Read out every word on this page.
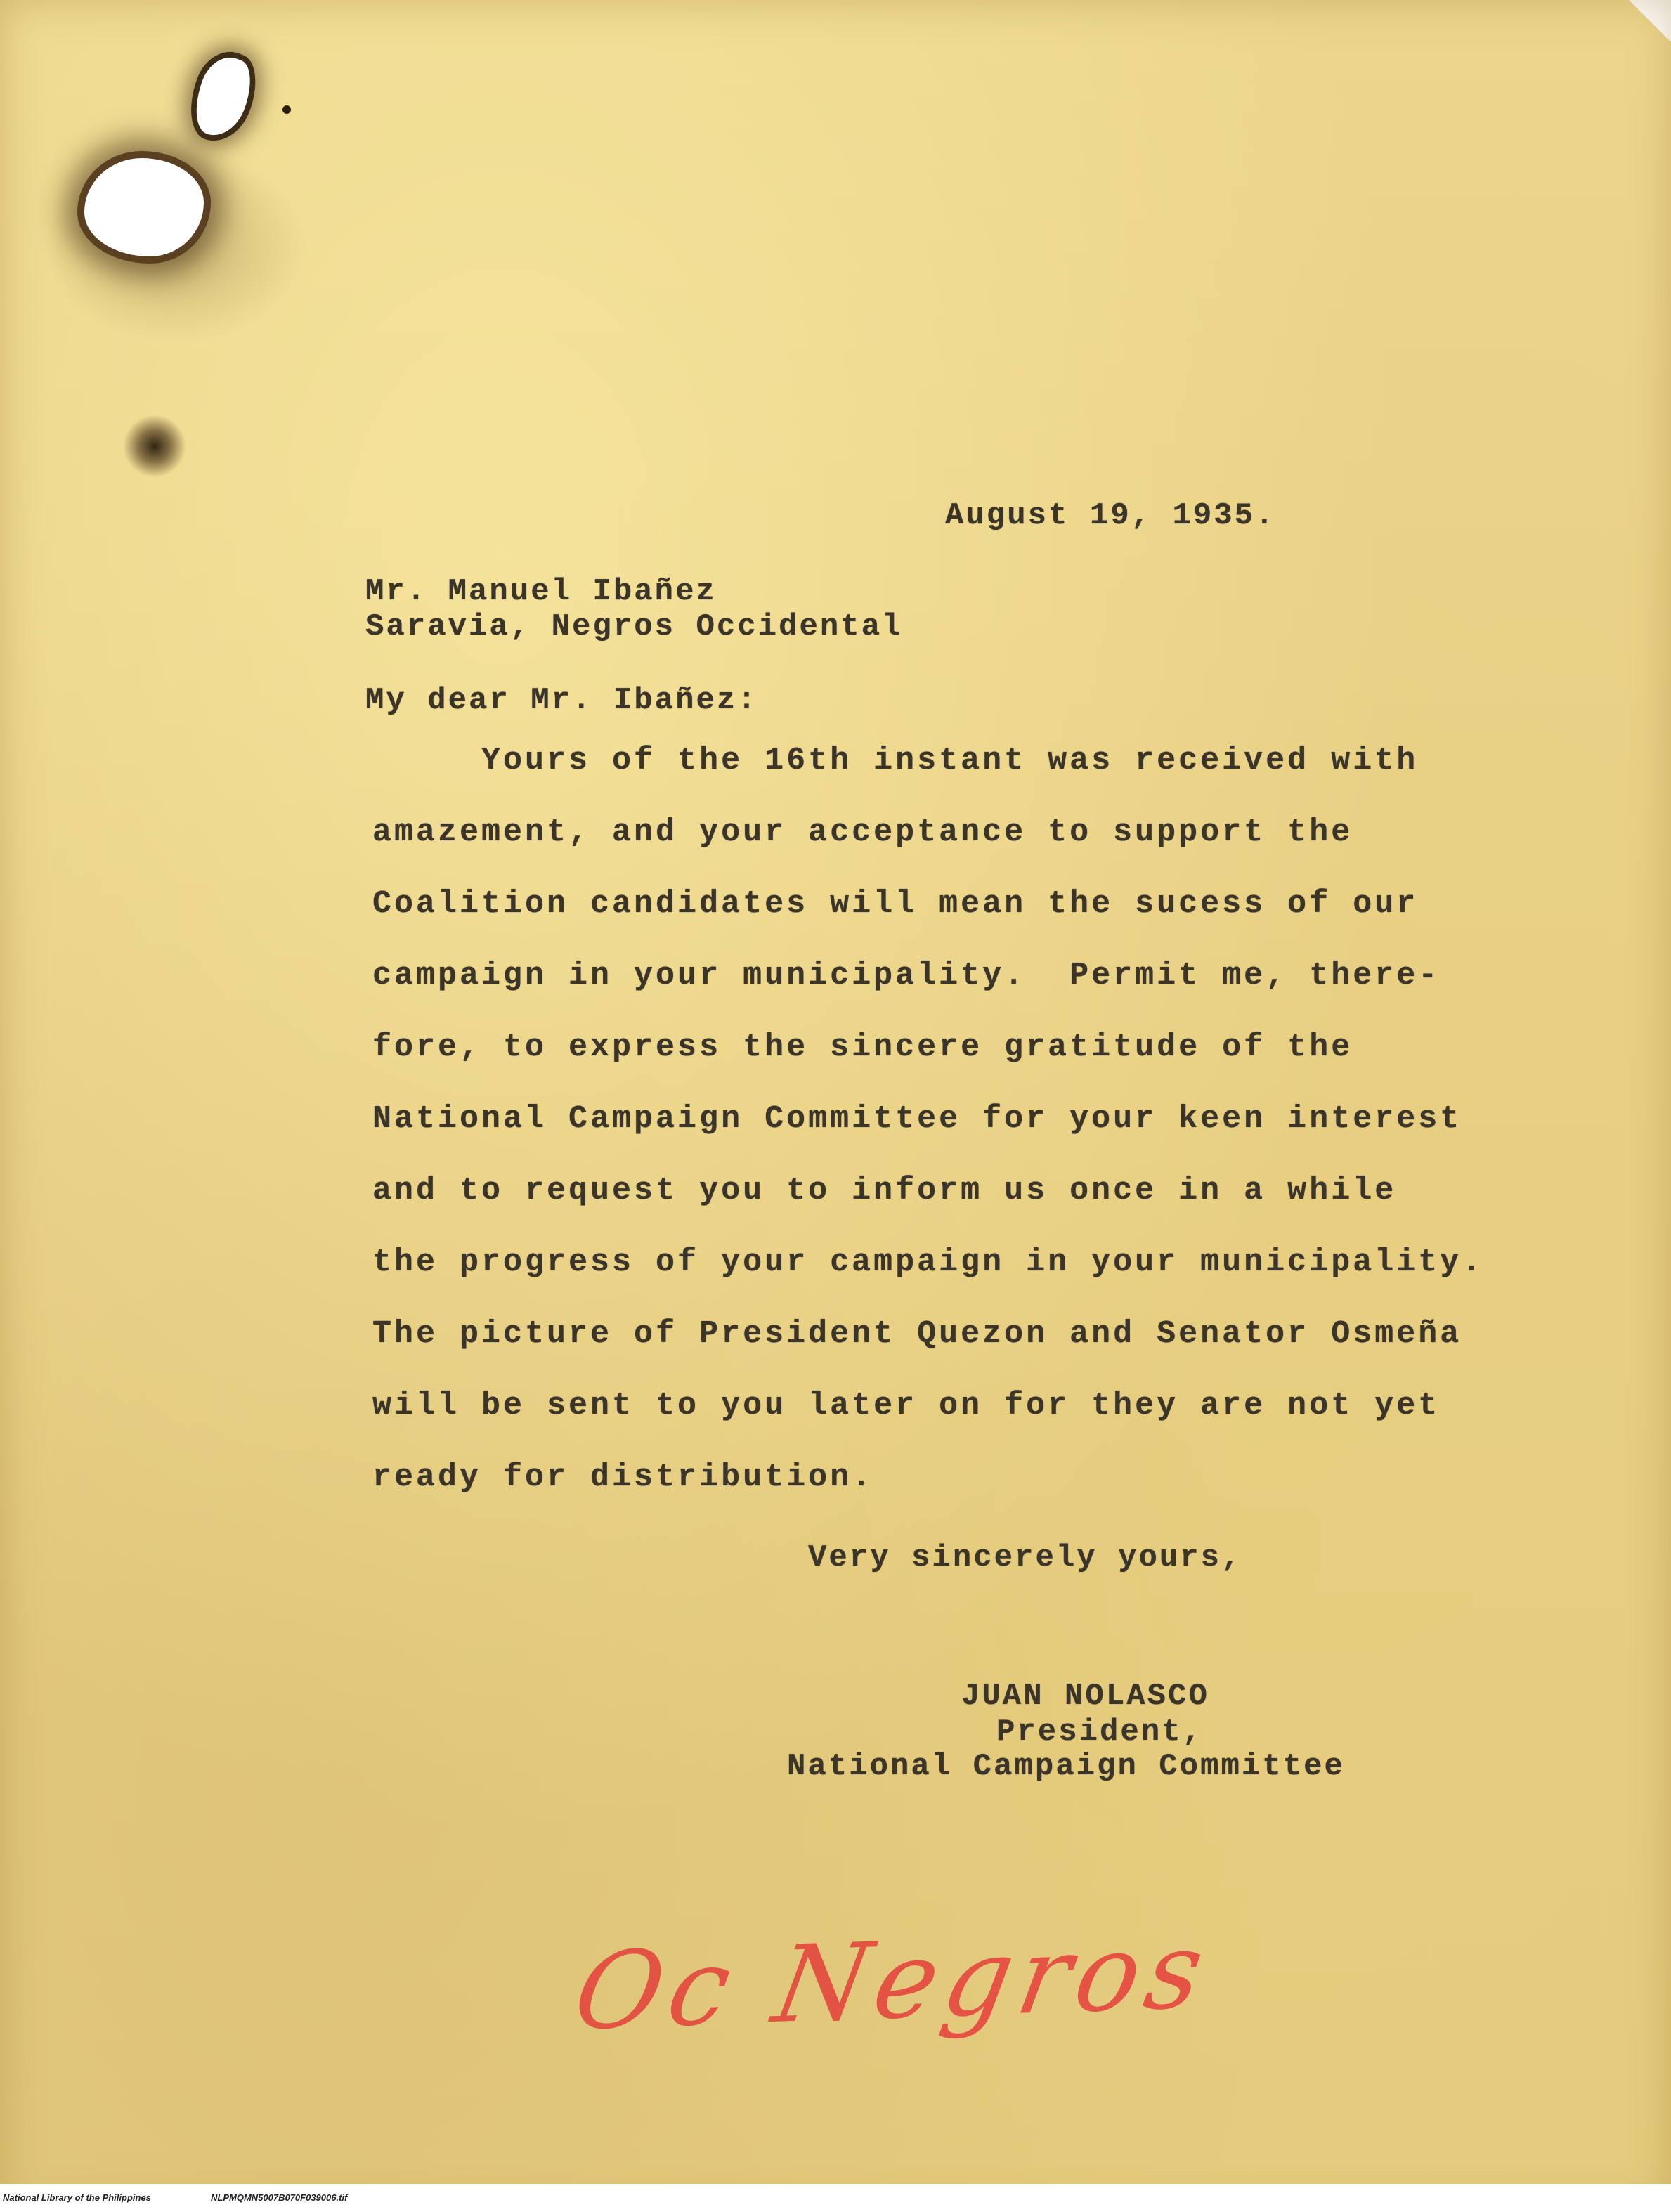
August 19, 1935.
Mr. Manuel Ibañez
Saravia, Negros Occidental
My dear Mr. Ibañez:
Yours of the 16th instant was received with
amazement, and your acceptance to support the
Coalition candidates will mean the sucess of our
campaign in your municipality.  Permit me, there-
fore, to express the sincere gratitude of the
National Campaign Committee for your keen interest
and to request you to inform us once in a while
the progress of your campaign in your municipality.
The picture of President Quezon and Senator Osmeña
will be sent to you later on for they are not yet
ready for distribution.
Very sincerely yours,
JUAN NOLASCO
President,
National Campaign Committee
Oc Negros
National Library of the Philippines	NLPMQMN5007B070F039006.tif
